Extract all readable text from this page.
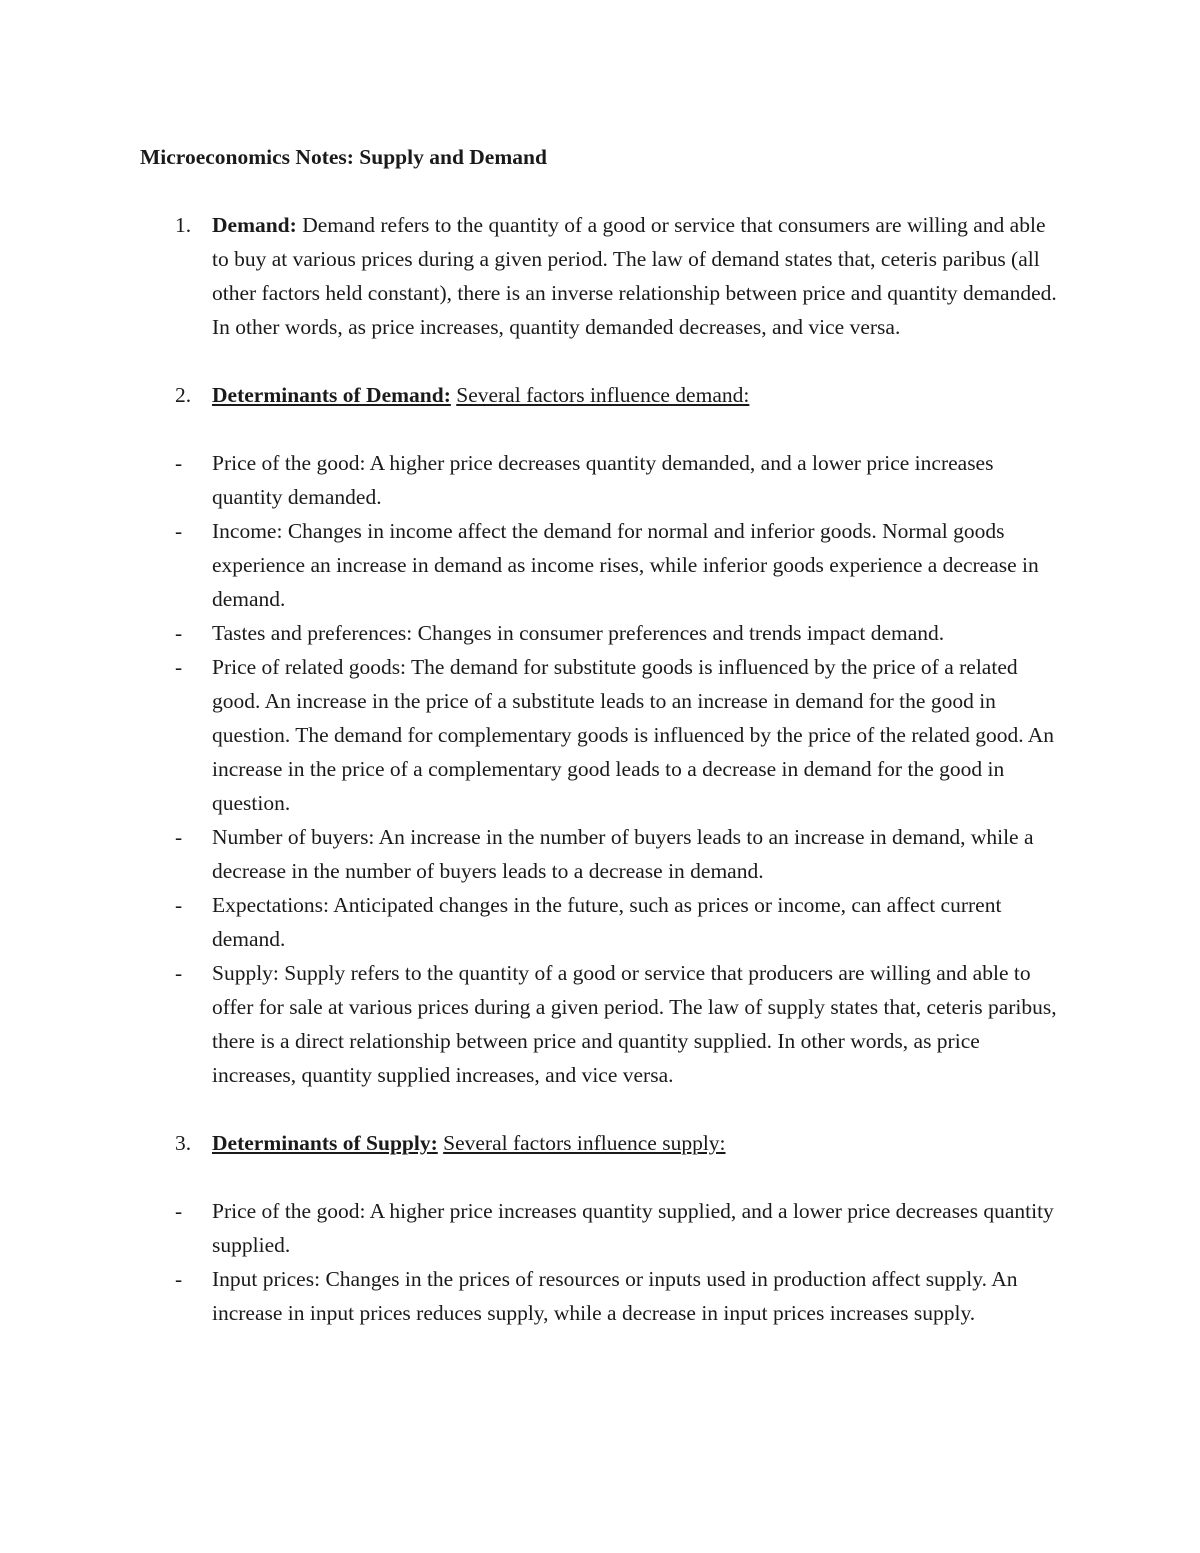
Microeconomics Notes: Supply and Demand

1. Demand: Demand refers to the quantity of a good or service that consumers are willing and able to buy at various prices during a given period. The law of demand states that, ceteris paribus (all other factors held constant), there is an inverse relationship between price and quantity demanded. In other words, as price increases, quantity demanded decreases, and vice versa.

2. Determinants of Demand: Several factors influence demand:

- Price of the good: A higher price decreases quantity demanded, and a lower price increases quantity demanded.

- Income: Changes in income affect the demand for normal and inferior goods. Normal goods experience an increase in demand as income rises, while inferior goods experience a decrease in demand.

- Tastes and preferences: Changes in consumer preferences and trends impact demand.

- Price of related goods: The demand for substitute goods is influenced by the price of a related good. An increase in the price of a substitute leads to an increase in demand for the good in question. The demand for complementary goods is influenced by the price of the related good. An increase in the price of a complementary good leads to a decrease in demand for the good in question.

- Number of buyers: An increase in the number of buyers leads to an increase in demand, while a decrease in the number of buyers leads to a decrease in demand.

- Expectations: Anticipated changes in the future, such as prices or income, can affect current demand.

- Supply: Supply refers to the quantity of a good or service that producers are willing and able to offer for sale at various prices during a given period. The law of supply states that, ceteris paribus, there is a direct relationship between price and quantity supplied. In other words, as price increases, quantity supplied increases, and vice versa.

3. Determinants of Supply: Several factors influence supply:

- Price of the good: A higher price increases quantity supplied, and a lower price decreases quantity supplied.

- Input prices: Changes in the prices of resources or inputs used in production affect supply. An increase in input prices reduces supply, while a decrease in input prices increases supply.
